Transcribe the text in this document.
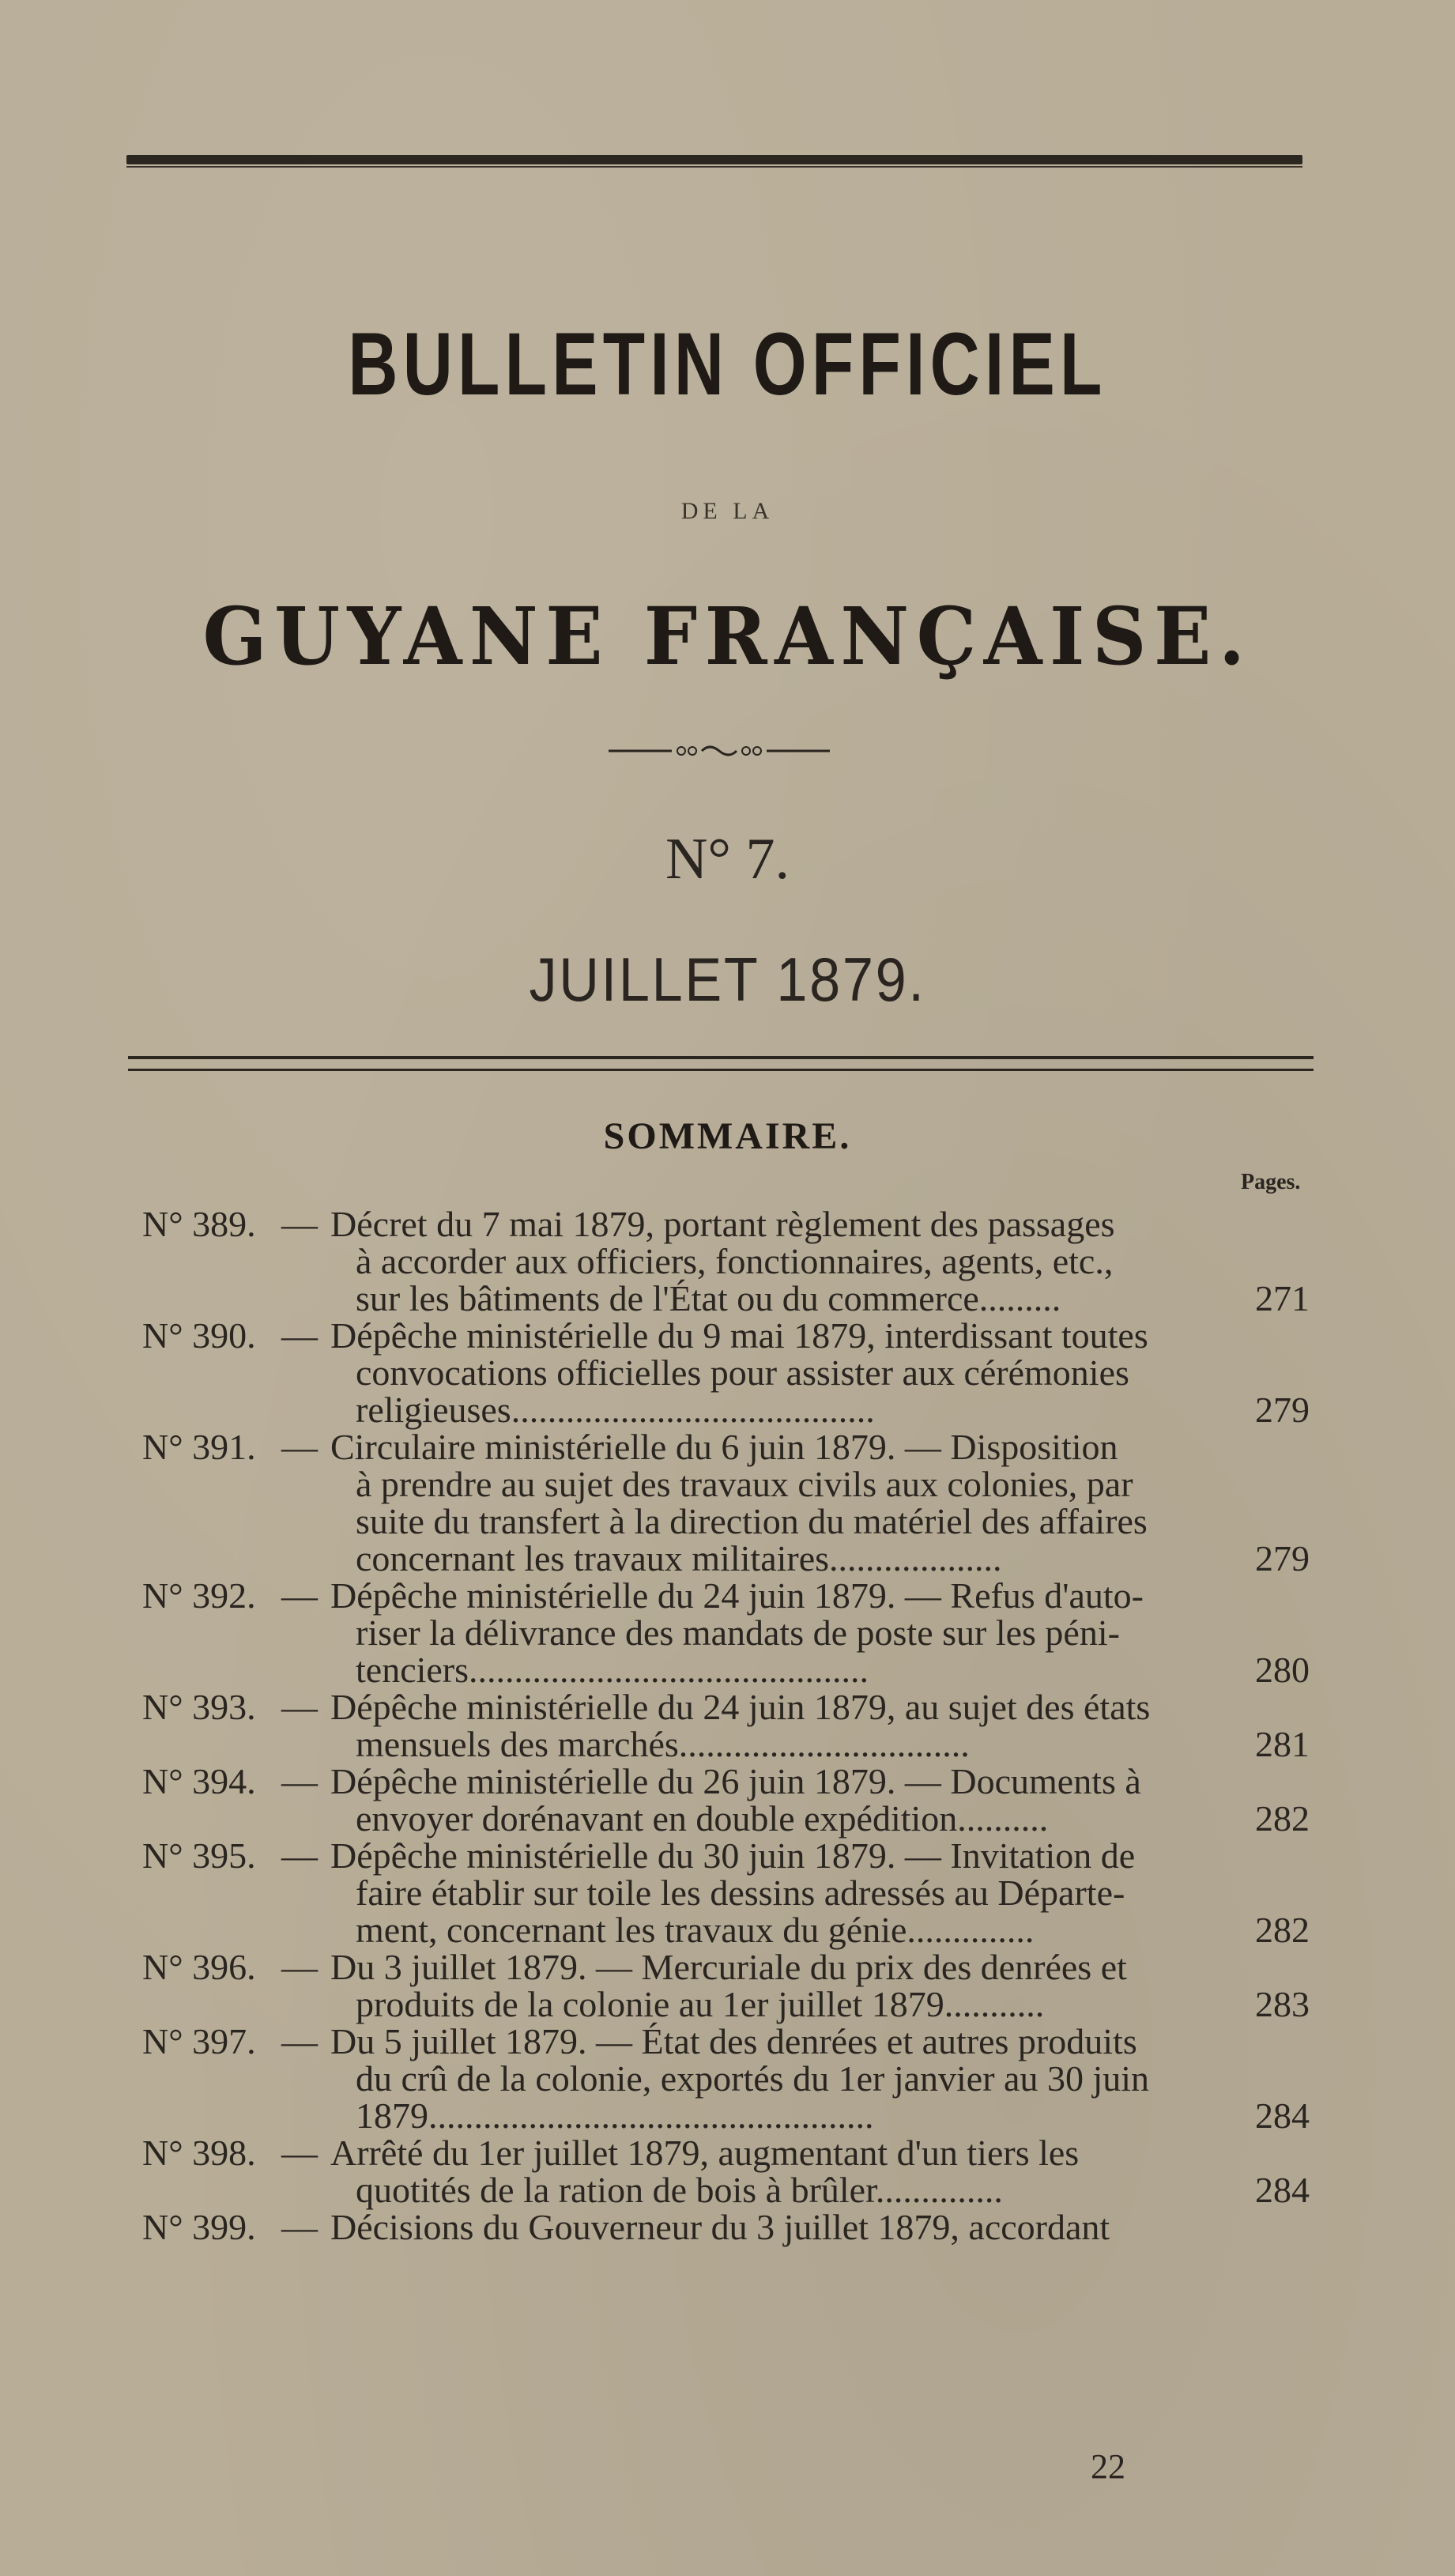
BULLETIN OFFICIEL
DE LA
GUYANE FRANÇAISE.
N° 7.
JUILLET 1879.
SOMMAIRE.
Pages.
N° 389. — Décret du 7 mai 1879, portant règlement des passages
à accorder aux officiers, fonctionnaires, agents, etc.,
sur les bâtiments de l'État ou du commerce.........	271
N° 390. — Dépêche ministérielle du 9 mai 1879, interdissant toutes
convocations officielles pour assister aux cérémonies
religieuses........................................	279
N° 391. — Circulaire ministérielle du 6 juin 1879. — Disposition
à prendre au sujet des travaux civils aux colonies, par
suite du transfert à la direction du matériel des affaires
concernant les travaux militaires...................	279
N° 392. — Dépêche ministérielle du 24 juin 1879. — Refus d'auto-
riser la délivrance des mandats de poste sur les péni-
tenciers............................................	280
N° 393. — Dépêche ministérielle du 24 juin 1879, au sujet des états
mensuels des marchés................................	281
N° 394. — Dépêche ministérielle du 26 juin 1879. — Documents à
envoyer dorénavant en double expédition..........	282
N° 395. — Dépêche ministérielle du 30 juin 1879. — Invitation de
faire établir sur toile les dessins adressés au Départe-
ment, concernant les travaux du génie..............	282
N° 396. — Du 3 juillet 1879. — Mercuriale du prix des denrées et
produits de la colonie au 1er juillet 1879...........	283
N° 397. — Du 5 juillet 1879. — État des denrées et autres produits
du crû de la colonie, exportés du 1er janvier au 30 juin
1879.................................................	284
N° 398. — Arrêté du 1er juillet 1879, augmentant d'un tiers les
quotités de la ration de bois à brûler..............	284
N° 399. — Décisions du Gouverneur du 3 juillet 1879, accordant
22
